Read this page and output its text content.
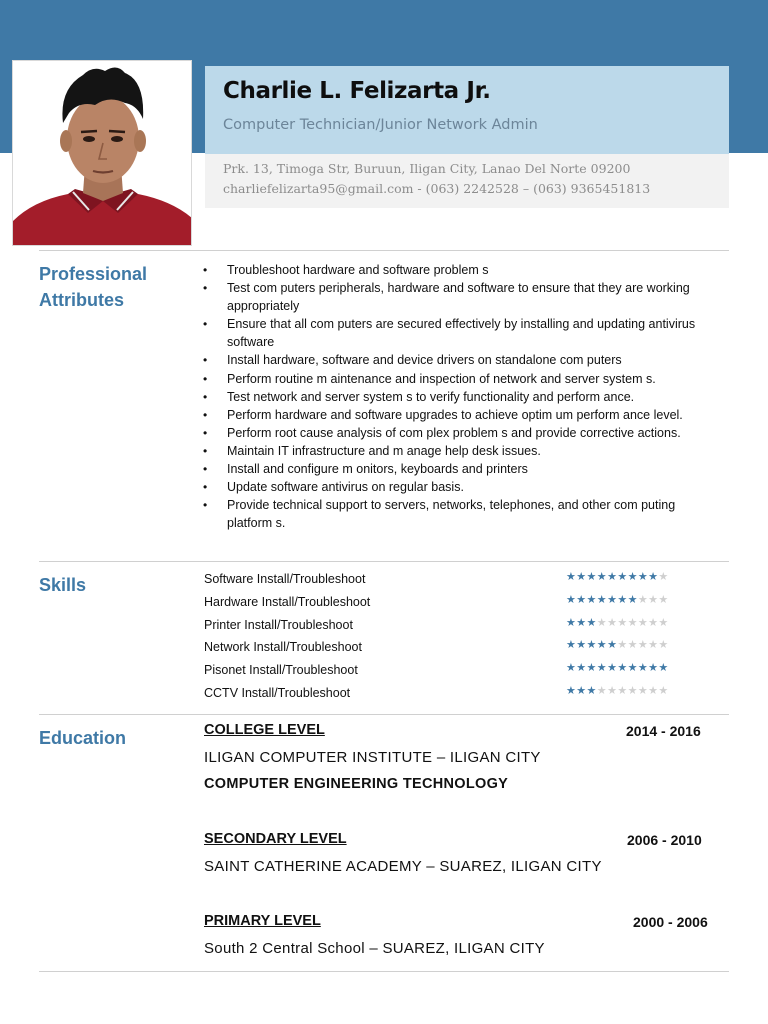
Charlie L. Felizarta Jr.
Computer Technician/Junior Network Admin
Prk. 13, Timoga Str, Buruun, Iligan City, Lanao Del Norte 09200
charliefelizarta95@gmail.com - (063) 2242528 – (063) 9365451813
Professional
Attributes
• Troubleshoot hardware and software problem s
• Test com puters peripherals, hardware and software to ensure that they are working appropriately
• Ensure that all com puters are secured effectively by installing and updating antivirus software
• Install hardware, software and device drivers on standalone com puters
• Perform routine m aintenance and inspection of network and server system s.
• Test network and server system s to verify functionality and perform ance.
• Perform hardware and software upgrades to achieve optim um perform ance level.
• Perform root cause analysis of com plex problem s and provide corrective actions.
• Maintain IT infrastructure and m anage help desk issues.
• Install and configure m onitors, keyboards and printers
• Update software antivirus on regular basis.
• Provide technical support to servers, networks, telephones, and other com puting platform s.
Skills	Software Install/Troubleshoot	★★★★★★★★★★
Hardware Install/Troubleshoot	★★★★★★★★★★
Printer Install/Troubleshoot	★★★★★★★★★★
Network Install/Troubleshoot	★★★★★★★★★★
Pisonet Install/Troubleshoot	★★★★★★★★★★
CCTV Install/Troubleshoot	★★★★★★★★★★
Education	COLLEGE LEVEL	2014 - 2016
ILIGAN COMPUTER INSTITUTE – ILIGAN CITY
COMPUTER ENGINEERING TECHNOLOGY
SECONDARY LEVEL	2006 - 2010
SAINT CATHERINE ACADEMY – SUAREZ, ILIGAN CITY
PRIMARY LEVEL	2000 - 2006
South 2 Central School – SUAREZ, ILIGAN CITY
